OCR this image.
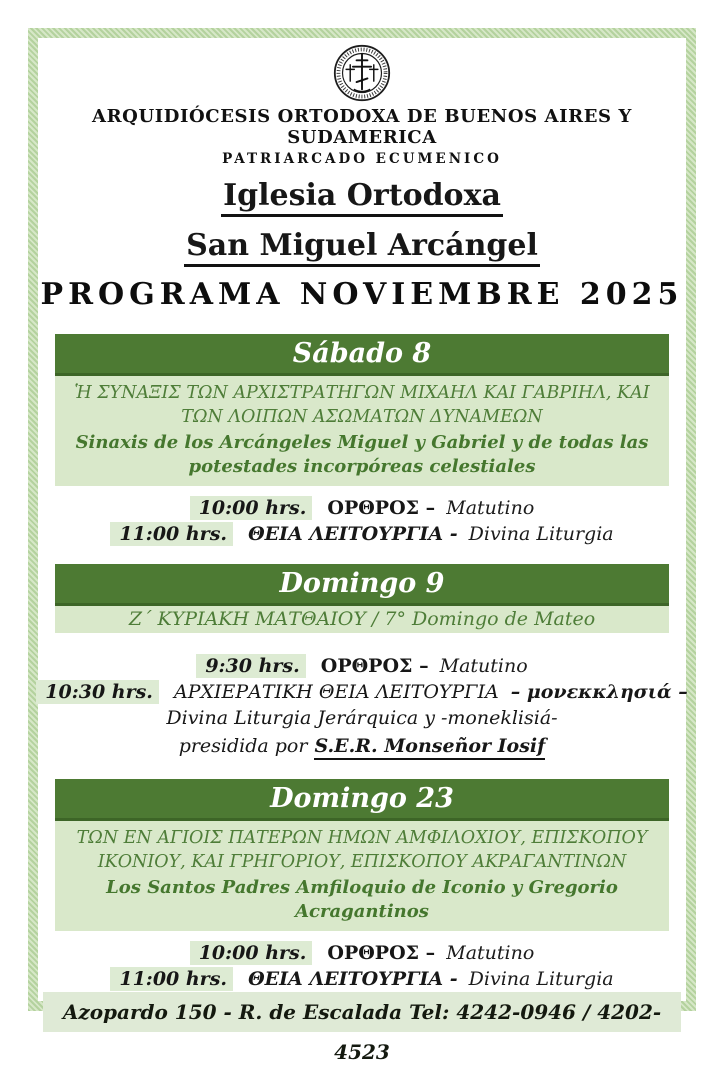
ARQUIDIÓCESIS ORTODOXA DE BUENOS AIRES Y SUDAMERICA
PATRIARCADO ECUMENICO
Iglesia Ortodoxa
San Miguel Arcángel
PROGRAMA NOVIEMBRE 2025
Sábado 8
Ἡ ΣΥΝΑΞΙΣ ΤΩΝ ΑΡΧΙΣΤΡΑΤΗΓΩΝ ΜΙΧΑΗΛ ΚΑΙ ΓΑΒΡΙΗΛ, ΚΑΙ ΤΩΝ ΛΟΙΠΩΝ ΑΣΩΜΑΤΩΝ ΔΥΝΑΜΕΩΝ
Sinaxis de los Arcángeles Miguel y Gabriel y de todas las potestades incorpóreas celestiales
10:00 hrs. ΟΡΘΡΟΣ – Matutino
11:00 hrs. ΘΕΙΑ ΛΕΙΤΟΥΡΓΙΑ - Divina Liturgia
Domingo 9
Ζ΄ ΚΥΡΙΑΚΗ ΜΑΤΘΑΙΟΥ / 7° Domingo de Mateo
9:30 hrs. ΟΡΘΡΟΣ – Matutino
10:30 hrs. ΑΡΧΙΕΡΑΤΙΚΗ ΘΕΙΑ ΛΕΙΤΟΥΡΓΙΑ – μονεκκλησιά –
Divina Liturgia Jerárquica y -moneklisiá-
presidida por S.E.R. Monseñor Iosif
Domingo 23
ΤΩΝ ΕΝ ΑΓΙΟΙΣ ΠΑΤΕΡΩΝ ΗΜΩΝ ΑΜΦΙΛΟΧΙΟΥ, ΕΠΙΣΚΟΠΟΥ ΙΚΟΝΙΟΥ, ΚΑΙ ΓΡΗΓΟΡΙΟΥ, ΕΠΙΣΚΟΠΟΥ ΑΚΡΑΓΑΝΤΙΝΩΝ
Los Santos Padres Amfiloquio de Iconio y Gregorio Acragantinos
10:00 hrs. ΟΡΘΡΟΣ – Matutino
11:00 hrs. ΘΕΙΑ ΛΕΙΤΟΥΡΓΙΑ - Divina Liturgia
Azopardo 150 - R. de Escalada Tel: 4242-0946 / 4202-4523
